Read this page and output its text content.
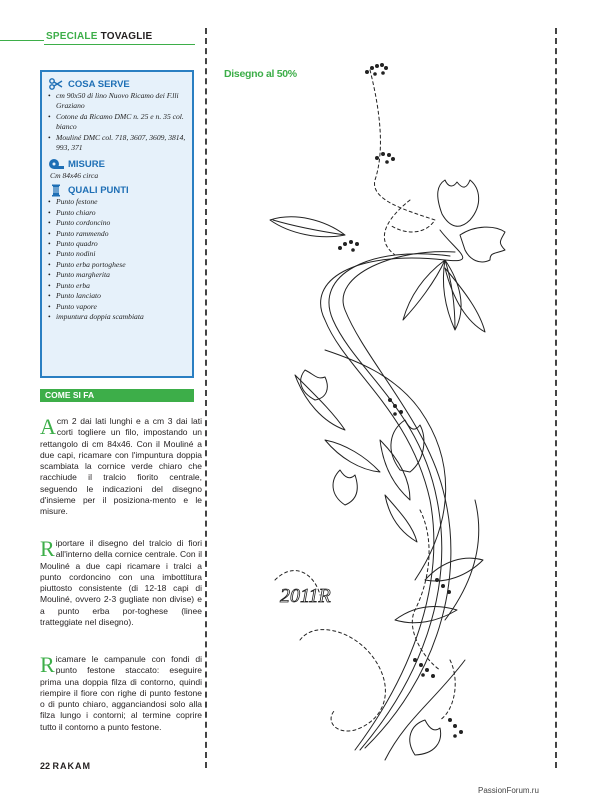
SPECIALE TOVAGLIE
COSA SERVE
• cm 90x50 di lino Nuovo Ricamo dei F.lli Graziano
• Cotone da Ricamo DMC n. 25 e n. 35 col. bianco
• Mouliné DMC col. 718, 3607, 3609, 3814, 993, 371
MISURE
Cm 84x46 circa
QUALI PUNTI
• Punto festone
• Punto chiaro
• Punto cordoncino
• Punto rammendo
• Punto quadro
• Punto nodini
• Punto erba portoghese
• Punto margherita
• Punto erba
• Punto lanciato
• Punto vapore
• impuntura doppia scambiata
COME SI FA
Acm 2 dai lati lunghi e a cm 3 dai lati corti togliere un filo, impostando un rettangolo di cm 84x46. Con il Mouliné a due capi, ricamare con l'impuntura doppia scambiata la cornice verde chiaro che racchiude il tralcio fiorito centrale, seguendo le indicazioni del disegno d'insieme per il posiziona-mento e le misure.
Riportare il disegno del tralcio di fiori all'interno della cornice centrale. Con il Mouliné a due capi ricamare i tralci a punto cordoncino con una imbottitura piuttosto consistente (di 12-18 capi di Mouliné, ovvero 2-3 gugliate non divise) e a punto erba por-toghese (linee tratteggiate nel disegno).
Ricamare le campanule con fondi di punto festone staccato: eseguire prima una doppia filza di contorno, quindi riempire il fiore con righe di punto festone o di punto chiaro, agganciandosi solo alla filza lungo i contorni; al termine coprire tutto il contorno a punto festone.
Disegno al 50%
2011R
22 RAKAM
PassionForum.ru
